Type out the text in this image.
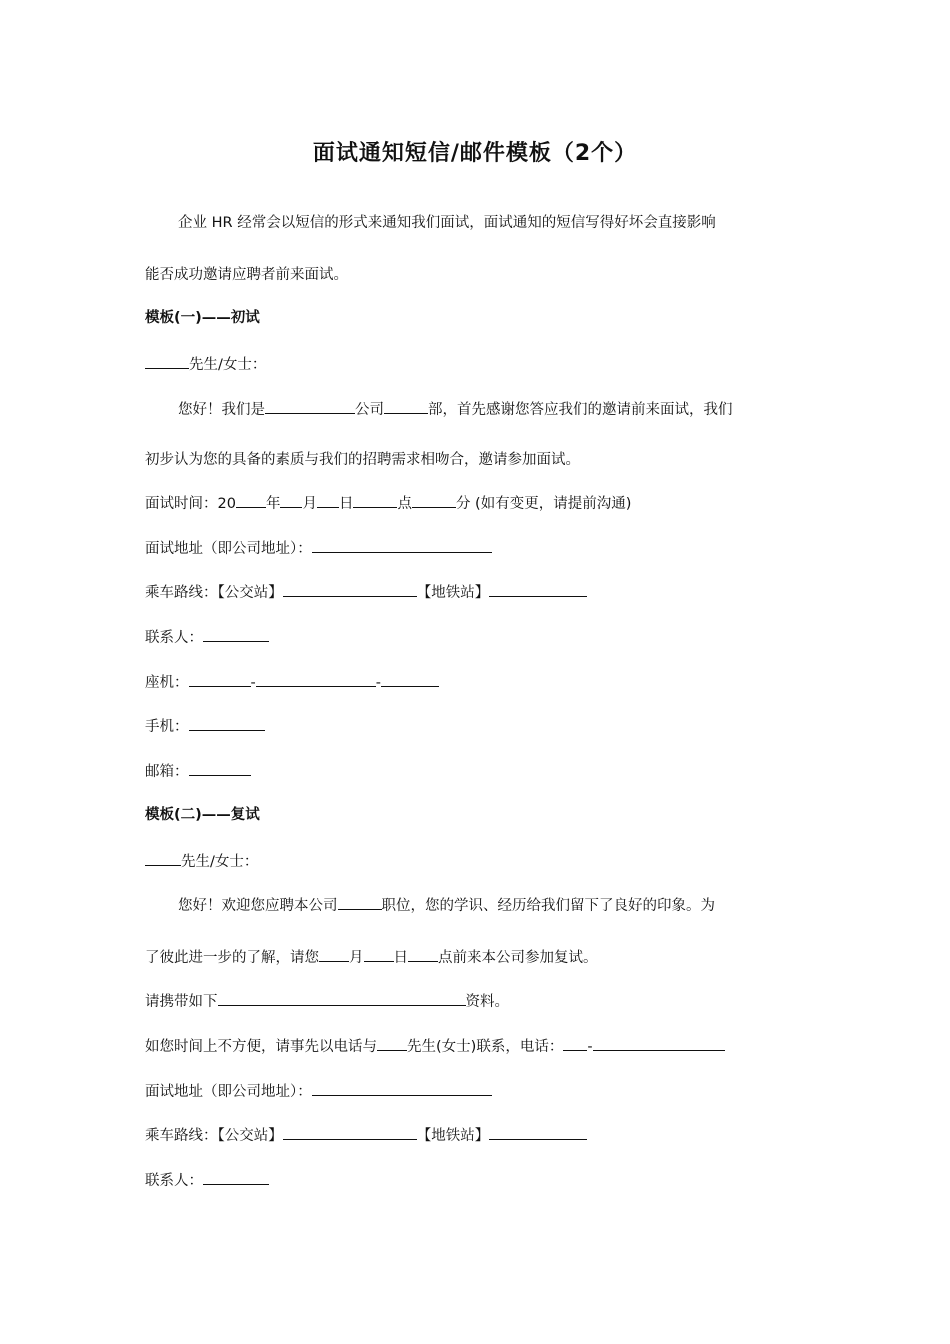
面试通知短信/邮件模板（2个）
企业 HR 经常会以短信的形式来通知我们面试，面试通知的短信写得好坏会直接影响
能否成功邀请应聘者前来面试。
模板(一)——初试
先生/女士：
您好！我们是	公司	部，首先感谢您答应我们的邀请前来面试，我们
初步认为您的具备的素质与我们的招聘需求相吻合，邀请参加面试。
面试时间：20 年 月 日	点	分 (如有变更，请提前沟通)
面试地址（即公司地址）：
乘车路线：【公交站】	【地铁站】
联系人：
座机：	-	-
手机：
邮箱：
模板(二)——复试
先生/女士：
您好！欢迎您应聘本公司	职位，您的学识、经历给我们留下了良好的印象。为
了彼此进一步的了解，请您 月 日 点前来本公司参加复试。
请携带如下	资料。
如您时间上不方便，请事先以电话与 先生(女士)联系，电话： -
面试地址（即公司地址）：
乘车路线：【公交站】	【地铁站】
联系人：
